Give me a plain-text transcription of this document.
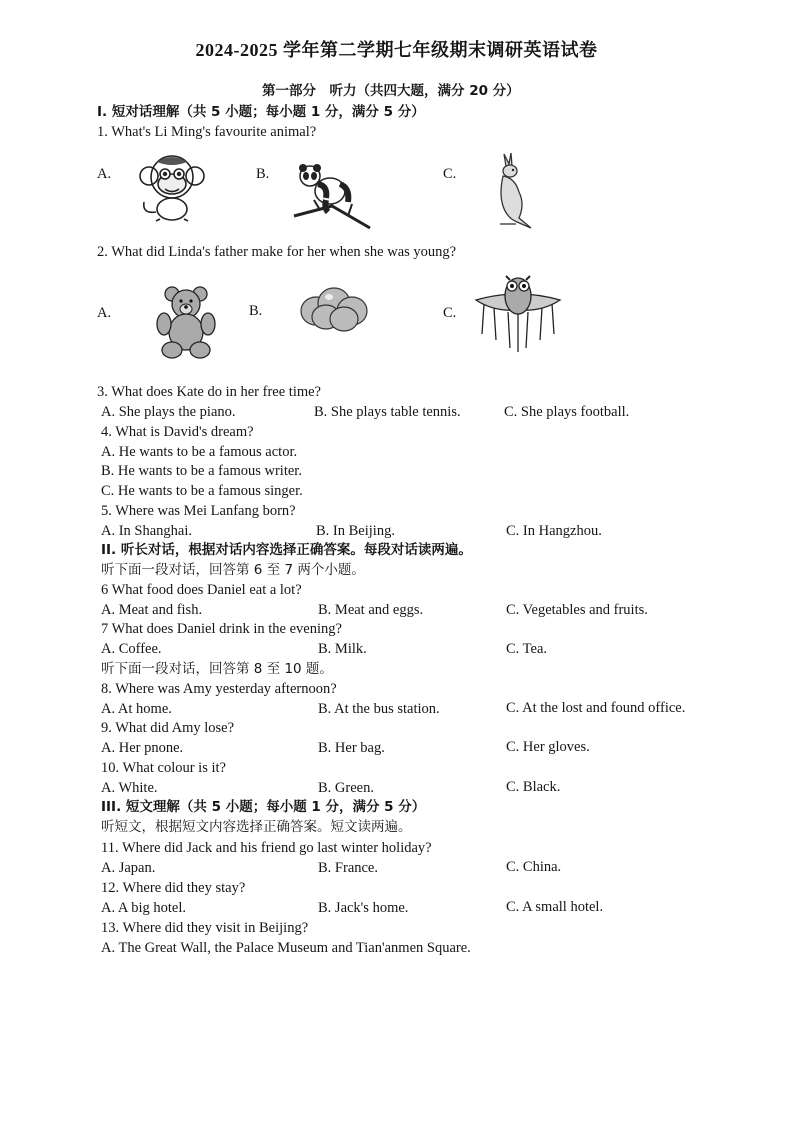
2024-2025 学年第二学期七年级期末调研英语试卷
第一部分　听力（共四大题，满分 20 分）
I. 短对话理解（共 5 小题；每小题 1 分，满分 5 分）
1. What's Li Ming's favourite animal?
A.	B.	C.
2. What did Linda's father make for her when she was young?
A.	B.	C.
3. What does Kate do in her free time?
A. She plays the piano.	B. She plays table tennis.	C. She plays football.
4. What is David's dream?
A. He wants to be a famous actor.
B. He wants to be a famous writer.
C. He wants to be a famous singer.
5. Where was Mei Lanfang born?
A. In Shanghai.	B. In Beijing.	C. In Hangzhou.
II. 听长对话，根据对话内容选择正确答案。每段对话读两遍。
听下面一段对话，回答第 6 至 7 两个小题。
6 What food does Daniel eat a lot?
A. Meat and fish.	B. Meat and eggs.	C. Vegetables and fruits.
7 What does Daniel drink in the evening?
A. Coffee.	B. Milk.	C. Tea.
听下面一段对话，回答第 8 至 10 题。
8. Where was Amy yesterday afternoon?
A. At home.	B. At the bus station.	C. At the lost and found office.
9. What did Amy lose?
A. Her pnone.	B. Her bag.	C. Her gloves.
10. What colour is it?
A. White.	B. Green.	C. Black.
III. 短文理解（共 5 小题；每小题 1 分，满分 5 分）
听短文，根据短文内容选择正确答案。短文读两遍。
11. Where did Jack and his friend go last winter holiday?
A. Japan.	B. France.	C. China.
12. Where did they stay?
A. A big hotel.	B. Jack's home.	C. A small hotel.
13. Where did they visit in Beijing?
A. The Great Wall, the Palace Museum and Tian'anmen Square.
